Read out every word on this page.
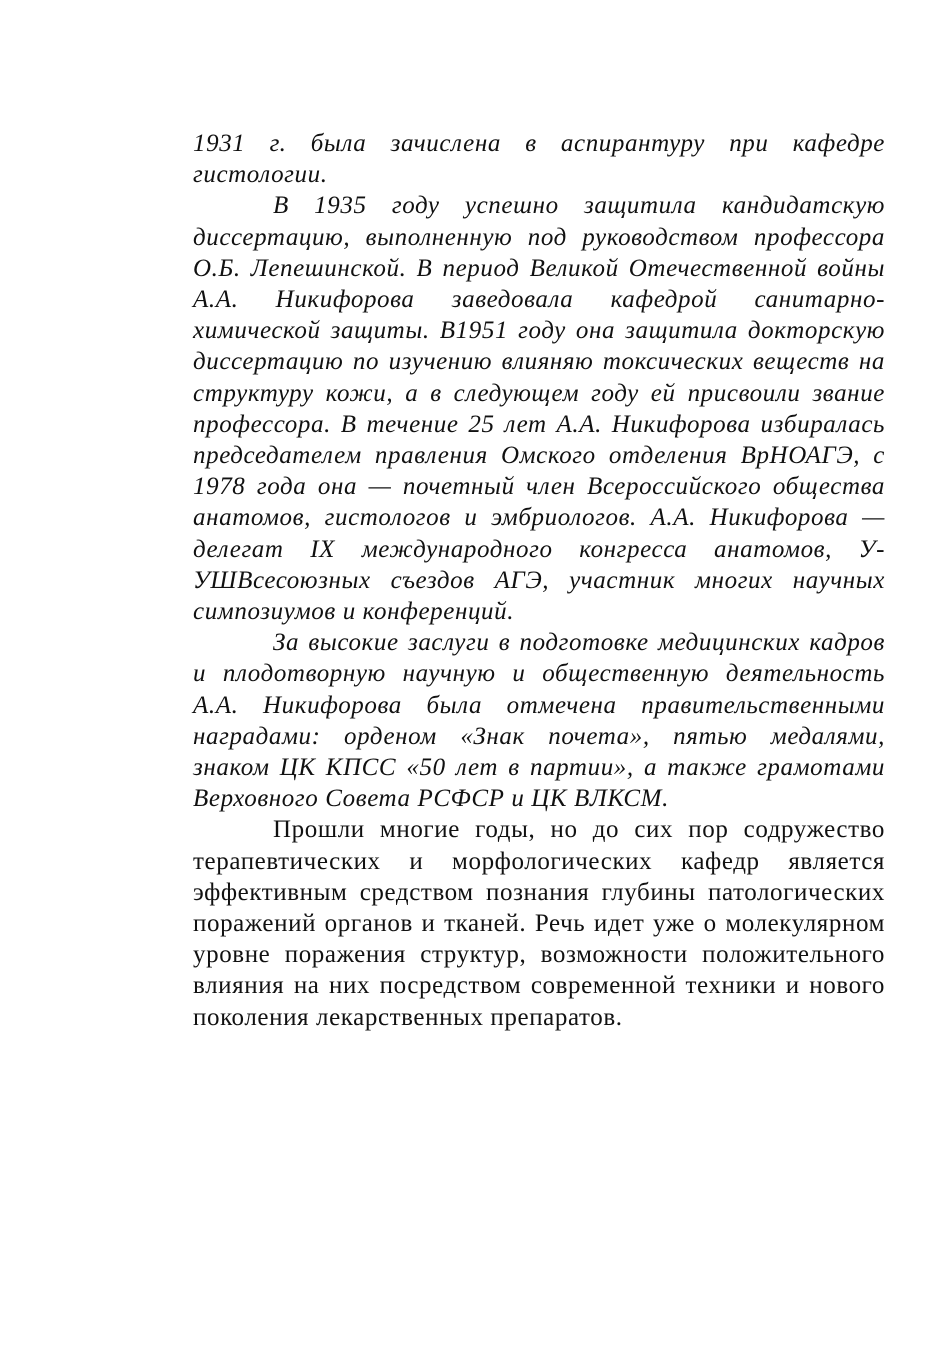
1931 г. была зачислена в аспирантуру при кафедре гистологии.

В 1935 году успешно защитила кандидатскую диссертацию, выполненную под руководством профессора О.Б. Лепешинской. В период Великой Отечественной войны А.А. Никифорова заведовала кафедрой санитарно-химической защиты. В1951 году она защитила докторскую диссертацию по изучению влияняю токсических веществ на структуру кожи, а в следующем году ей присвоили звание профессора. В течение 25 лет А.А. Никифорова избиралась председателем правления Омского отделения ВрНОАГЭ, с 1978 года она — почетный член Всероссийского общества анатомов, гистологов и эмбриологов. А.А. Никифорова — делегат IX международного конгресса анатомов, У-УШВсесоюзных съездов АГЭ, участник многих научных симпозиумов и конференций.

За высокие заслуги в подготовке медицинских кадров и плодотворную научную и общественную деятельность А.А. Никифорова была отмечена правительственными наградами: орденом «Знак почета», пятью медалями, знаком ЦК КПСС «50 лет в партии», а также грамотами Верховного Совета РСФСР и ЦК ВЛКСМ.

Прошли многие годы, но до сих пор содружество терапевтических и морфологических кафедр является эффективным средством познания глубины патологических поражений органов и тканей. Речь идет уже о молекулярном уровне поражения структур, возможности положительного влияния на них посредством современной техники и нового поколения лекарственных препаратов.
